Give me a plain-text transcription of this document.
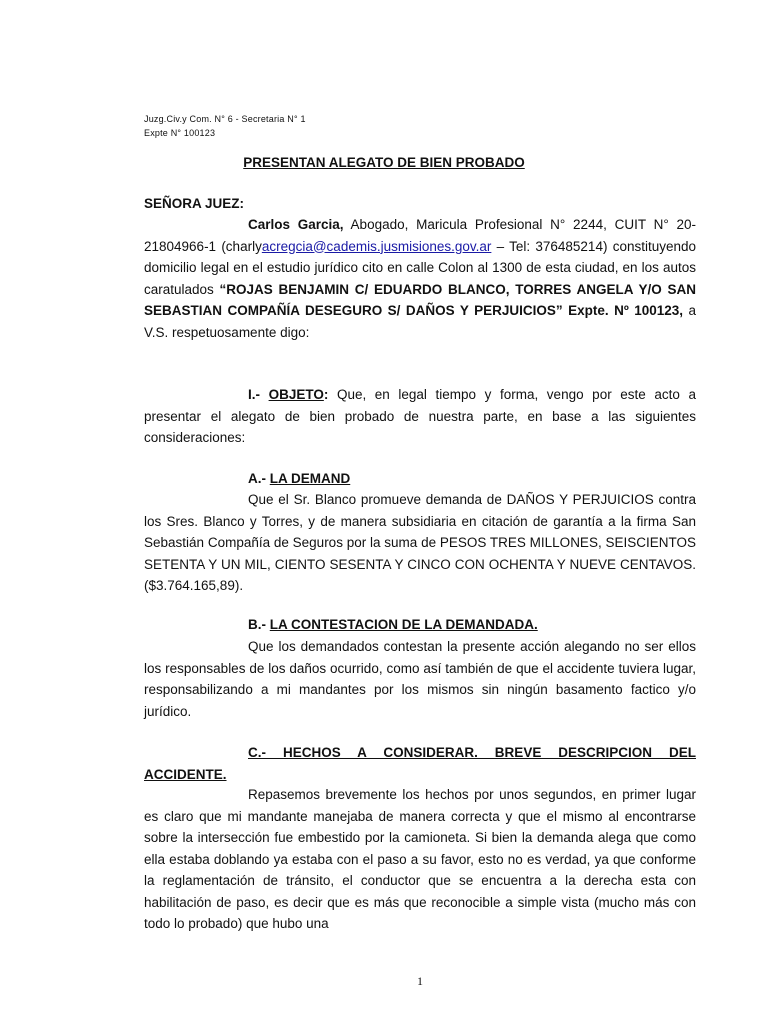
Juzg.Civ.y Com. N° 6 - Secretaria N° 1
Expte N° 100123
PRESENTAN ALEGATO DE BIEN PROBADO
SEÑORA JUEZ:
Carlos Garcia, Abogado, Maricula Profesional N° 2244, CUIT N° 20-21804966-1 (charlyacregcia@cademis.jusmisiones.gov.ar – Tel: 376485214) constituyendo domicilio legal en el estudio jurídico cito en calle Colon al 1300 de esta ciudad, en los autos caratulados “ROJAS BENJAMIN C/ EDUARDO BLANCO, TORRES ANGELA Y/O SAN SEBASTIAN COMPAÑÍA DESEGURO S/ DAÑOS Y PERJUICIOS” Expte. Nº 100123, a V.S. respetuosamente digo:
I.- OBJETO: Que, en legal tiempo y forma, vengo por este acto a presentar el alegato de bien probado de nuestra parte, en base a las siguientes consideraciones:
A.- LA DEMAND
Que el Sr. Blanco promueve demanda de DAÑOS Y PERJUICIOS contra los Sres. Blanco y Torres, y de manera subsidiaria en citación de garantía a la firma San Sebastián Compañía de Seguros por la suma de PESOS TRES MILLONES, SEISCIENTOS SETENTA Y UN MIL, CIENTO SESENTA Y CINCO CON OCHENTA Y NUEVE CENTAVOS. ($3.764.165,89).
B.- LA CONTESTACION DE LA DEMANDADA.
Que los demandados contestan la presente acción alegando no ser ellos los responsables de los daños ocurrido, como así también de que el accidente tuviera lugar, responsabilizando a mi mandantes por los mismos sin ningún basamento factico y/o jurídico.
C.- HECHOS A CONSIDERAR. BREVE DESCRIPCION DEL ACCIDENTE.
Repasemos brevemente los hechos por unos segundos, en primer lugar es claro que mi mandante manejaba de manera correcta y que el mismo al encontrarse sobre la intersección fue embestido por la camioneta. Si bien la demanda alega que como ella estaba doblando ya estaba con el paso a su favor, esto no es verdad, ya que conforme la reglamentación de tránsito, el conductor que se encuentra a la derecha esta con habilitación de paso, es decir que es más que reconocible a simple vista (mucho más con todo lo probado) que hubo una
1
